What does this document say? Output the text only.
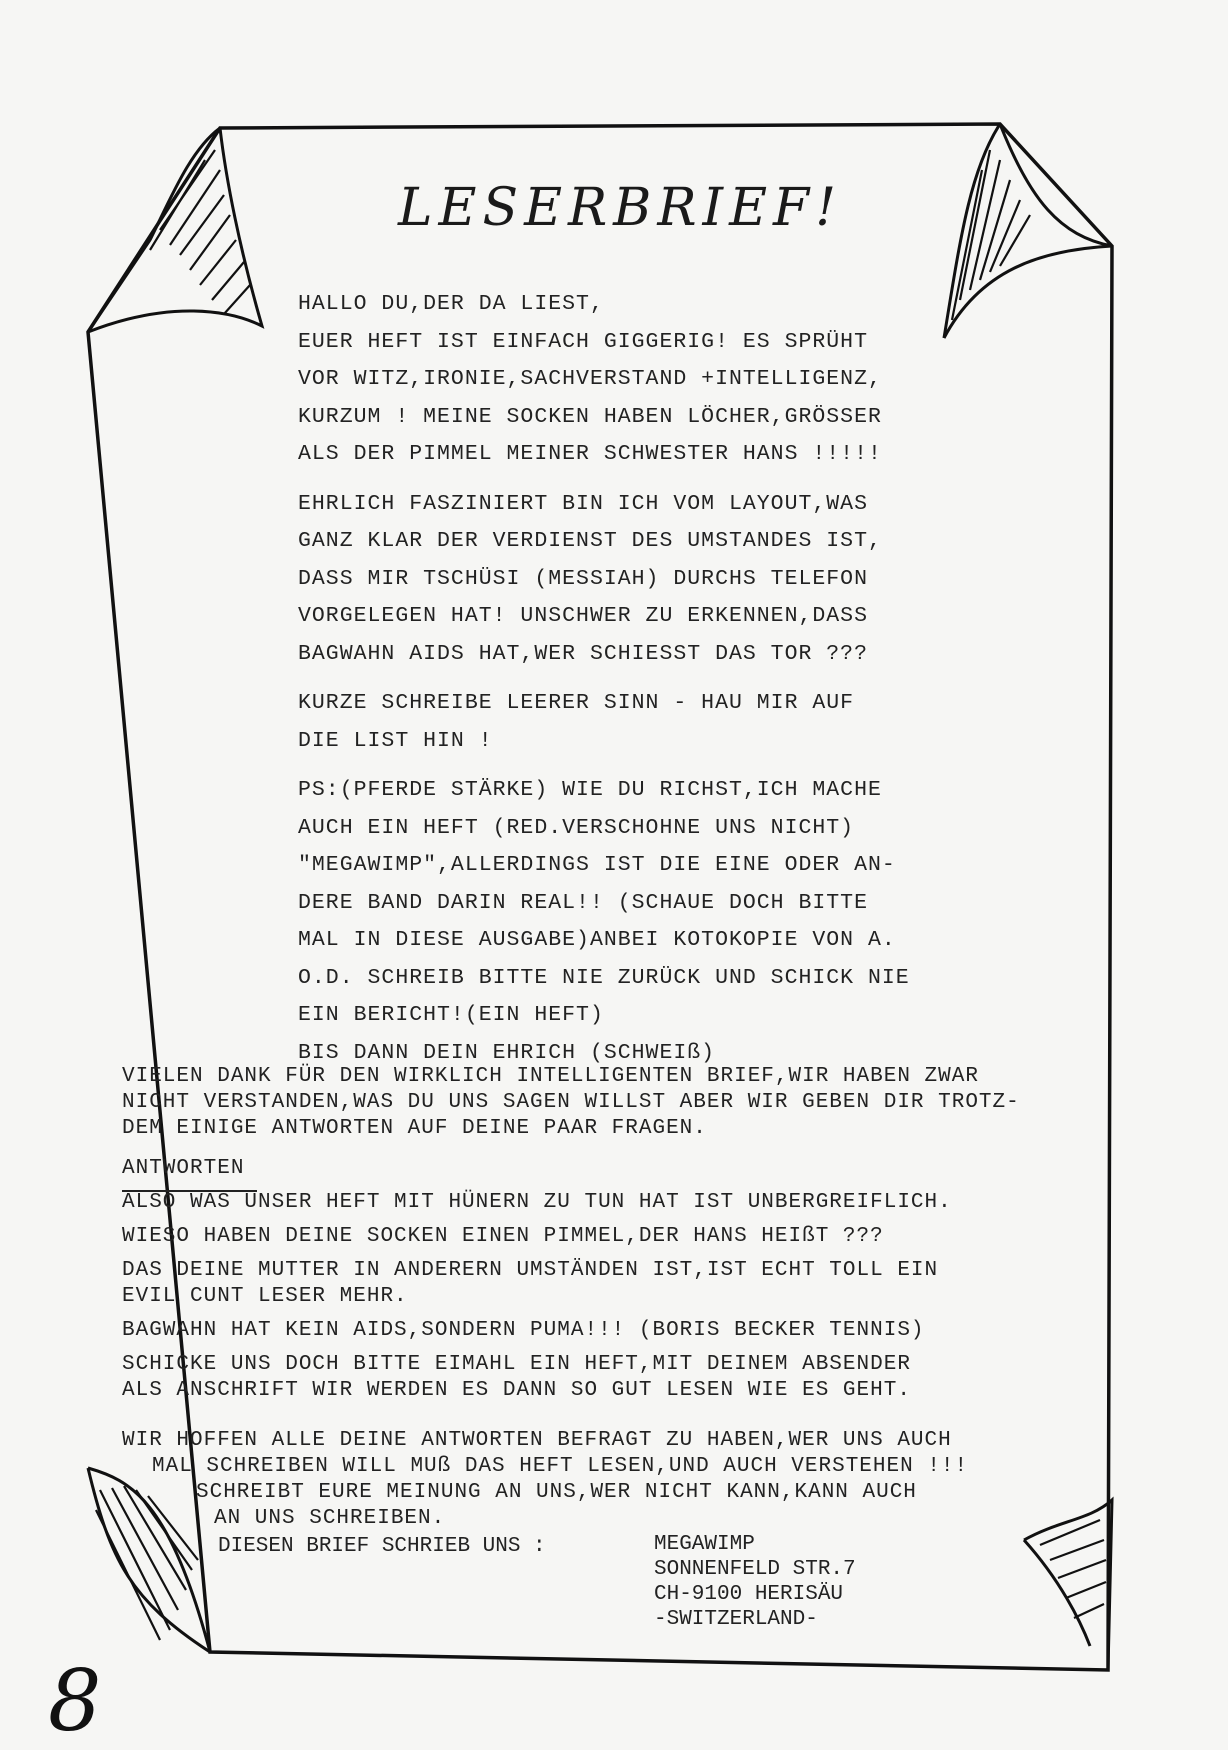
LESERBRIEF!
HALLO DU,DER DA LIEST,
EUER HEFT IST EINFACH GIGGERIG! ES SPRÜHT
VOR WITZ,IRONIE,SACHVERSTAND +INTELLIGENZ,
KURZUM ! MEINE SOCKEN HABEN LÖCHER,GRÖSSER
ALS DER PIMMEL MEINER SCHWESTER HANS !!!!!
EHRLICH FASZINIERT BIN ICH VOM LAYOUT,WAS
GANZ KLAR DER VERDIENST DES UMSTANDES IST,
DASS MIR TSCHÜSI (MESSIAH) DURCHS TELEFON
VORGELEGEN HAT! UNSCHWER ZU ERKENNEN,DASS
BAGWAHN AIDS HAT,WER SCHIESST DAS TOR ???
KURZE SCHREIBE LEERER SINN - HAU MIR AUF
DIE LIST HIN !
PS:(PFERDE STÄRKE) WIE DU RICHST,ICH MACHE
AUCH EIN HEFT (RED.VERSCHOHNE UNS NICHT)
"MEGAWIMP",ALLERDINGS IST DIE EINE ODER AN-
DERE BAND DARIN REAL!! (SCHAUE DOCH BITTE
MAL IN DIESE AUSGABE)ANBEI KOTOKOPIE VON A.
O.D. SCHREIB BITTE NIE ZURÜCK UND SCHICK NIE
EIN BERICHT!(EIN HEFT)
BIS DANN DEIN EHRICH (SCHWEIß)
VIELEN DANK FÜR DEN WIRKLICH INTELLIGENTEN BRIEF,WIR HABEN ZWAR
NICHT VERSTANDEN,WAS DU UNS SAGEN WILLST ABER WIR GEBEN DIR TROTZ-
DEM EINIGE ANTWORTEN AUF DEINE PAAR FRAGEN.
ANTWORTEN
ALSO WAS UNSER HEFT MIT HÜNERN ZU TUN HAT IST UNBERGREIFLICH.
WIESO HABEN DEINE SOCKEN EINEN PIMMEL,DER HANS HEIßT ???
DAS DEINE MUTTER IN ANDERERN UMSTÄNDEN IST,IST ECHT TOLL EIN
EVIL CUNT LESER MEHR.
BAGWAHN HAT KEIN AIDS,SONDERN PUMA!!! (BORIS BECKER TENNIS)
SCHICKE UNS DOCH BITTE EIMAHL EIN HEFT,MIT DEINEM ABSENDER
ALS ANSCHRIFT WIR WERDEN ES DANN SO GUT LESEN WIE ES GEHT.
WIR HOFFEN ALLE DEINE ANTWORTEN BEFRAGT ZU HABEN,WER UNS AUCH
MAL SCHREIBEN WILL MUß DAS HEFT LESEN,UND AUCH VERSTEHEN !!!
SCHREIBT EURE MEINUNG AN UNS,WER NICHT KANN,KANN AUCH
AN UNS SCHREIBEN.
DIESEN BRIEF SCHRIEB UNS :	MEGAWIMP
SONNENFELD STR.7
CH-9100 HERISÄU
-SWITZERLAND-
8
